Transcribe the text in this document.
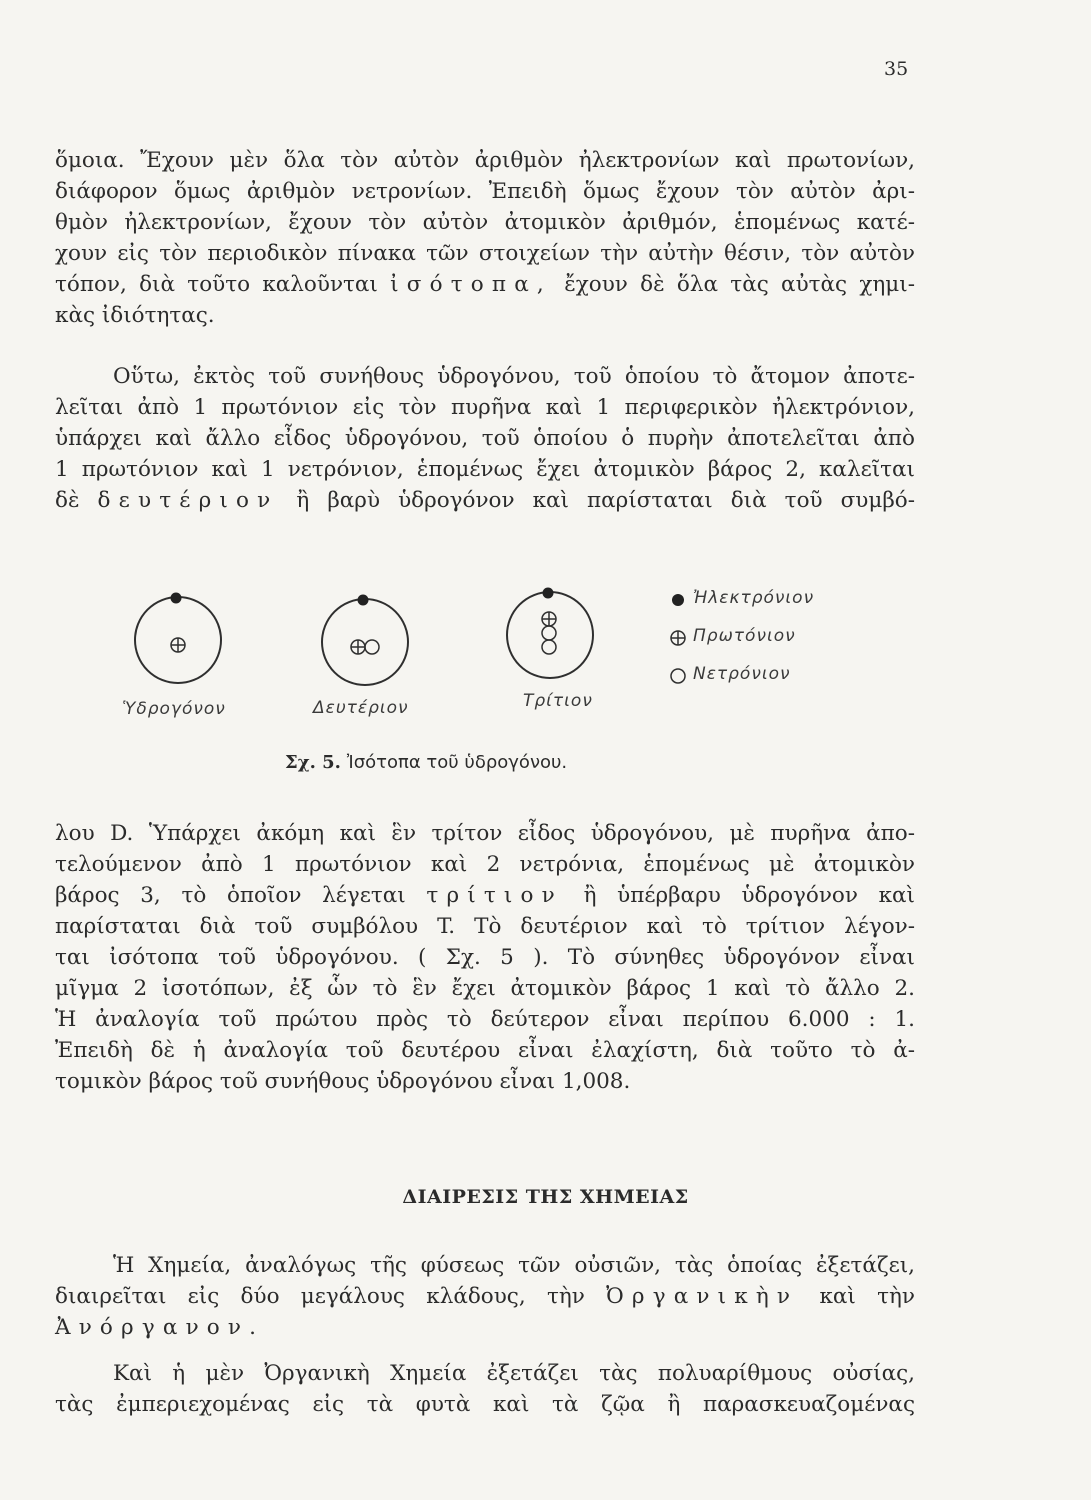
35

ὅμοια. Ἔχουν μὲν ὅλα τὸν αὐτὸν ἀριθμὸν ἠλεκτρονίων καὶ πρωτονίων,
διάφορον ὅμως ἀριθμὸν νετρονίων. Ἐπειδὴ ὅμως ἔχουν τὸν αὐτὸν ἀρι-
θμὸν ἠλεκτρονίων, ἔχουν τὸν αὐτὸν ἀτομικὸν ἀριθμόν, ἑπομένως κατέ-
χουν εἰς τὸν περιοδικὸν πίνακα τῶν στοιχείων τὴν αὐτὴν θέσιν, τὸν αὐτὸν
τόπον, διὰ τοῦτο καλοῦνται ἰσότοπα, ἔχουν δὲ ὅλα τὰς αὐτὰς χημι-
κὰς ἰδιότητας.

Οὕτω, ἐκτὸς τοῦ συνήθους ὑδρογόνου, τοῦ ὁποίου τὸ ἄτομον ἀποτε-
λεῖται ἀπὸ 1 πρωτόνιον εἰς τὸν πυρῆνα καὶ 1 περιφερικὸν ἠλεκτρόνιον,
ὑπάρχει καὶ ἄλλο εἶδος ὑδρογόνου, τοῦ ὁποίου ὁ πυρὴν ἀποτελεῖται ἀπὸ
1 πρωτόνιον καὶ 1 νετρόνιον, ἑπομένως ἔχει ἀτομικὸν βάρος 2, καλεῖται
δὲ δευτέριον ἢ βαρὺ ὑδρογόνον καὶ παρίσταται διὰ τοῦ συμβό-

Ὑδρογόνον	Δευτέριον	Τρίτιον
Ἠλεκτρόνιον
Πρωτόνιον
Νετρόνιον
Σχ. 5. Ἰσότοπα τοῦ ὑδρογόνου.

λου D. Ὑπάρχει ἀκόμη καὶ ἓν τρίτον εἶδος ὑδρογόνου, μὲ πυρῆνα ἀπο-
τελούμενον ἀπὸ 1 πρωτόνιον καὶ 2 νετρόνια, ἑπομένως μὲ ἀτομικὸν
βάρος 3, τὸ ὁποῖον λέγεται τρίτιον ἢ ὑπέρβαρυ ὑδρογόνον καὶ
παρίσταται διὰ τοῦ συμβόλου T. Τὸ δευτέριον καὶ τὸ τρίτιον λέγον-
ται ἰσότοπα τοῦ ὑδρογόνου. ( Σχ. 5 ). Τὸ σύνηθες ὑδρογόνον εἶναι
μῖγμα 2 ἰσοτόπων, ἐξ ὧν τὸ ἓν ἔχει ἀτομικὸν βάρος 1 καὶ τὸ ἄλλο 2.
Ἡ ἀναλογία τοῦ πρώτου πρὸς τὸ δεύτερον εἶναι περίπου 6.000 : 1.
Ἐπειδὴ δὲ ἡ ἀναλογία τοῦ δευτέρου εἶναι ἐλαχίστη, διὰ τοῦτο τὸ ἀ-
τομικὸν βάρος τοῦ συνήθους ὑδρογόνου εἶναι 1,008.

ΔΙΑΙΡΕΣΙΣ ΤΗΣ ΧΗΜΕΙΑΣ

Ἡ Χημεία, ἀναλόγως τῆς φύσεως τῶν οὐσιῶν, τὰς ὁποίας ἐξετάζει,
διαιρεῖται εἰς δύο μεγάλους κλάδους, τὴν Ὀργανικὴν καὶ τὴν
Ἀνόργανον.

Καὶ ἡ μὲν Ὀργανικὴ Χημεία ἐξετάζει τὰς πολυαρίθμους οὐσίας,
τὰς ἐμπεριεχομένας εἰς τὰ φυτὰ καὶ τὰ ζῷα ἢ παρασκευαζομένας
